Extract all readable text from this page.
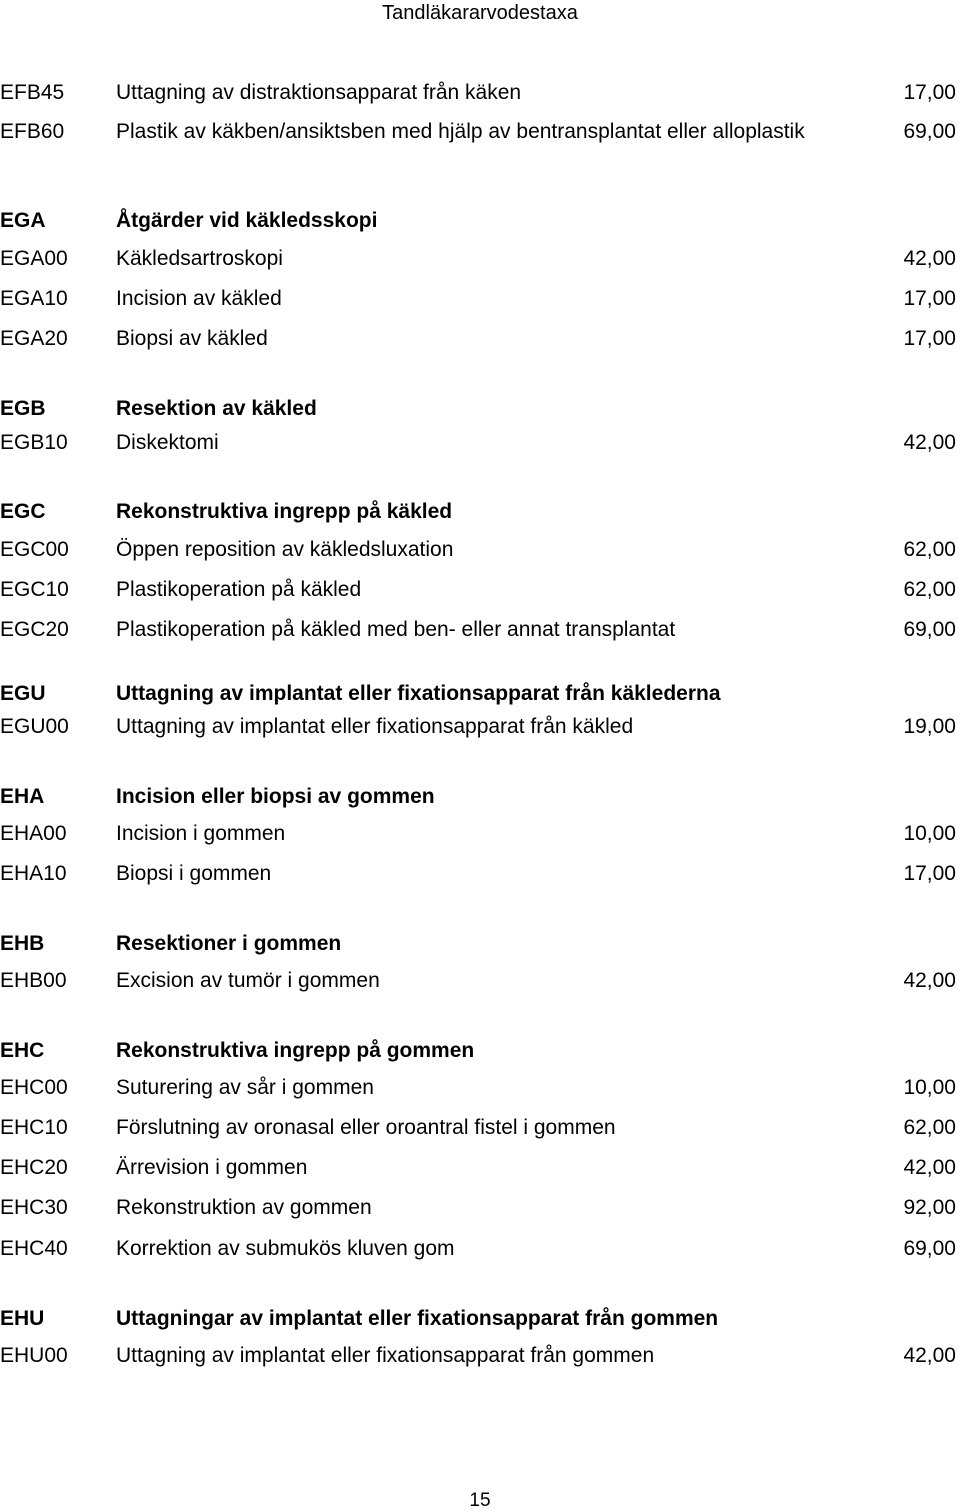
Tandläkararvodestaxa
EFB45 Uttagning av distraktionsapparat från käken	17,00
EFB60 Plastik av käkben/ansiktsben med hjälp av bentransplantat eller alloplastik	69,00
EGA	Åtgärder vid käkledsskopi
EGA00 Käkledsartroskopi	42,00
EGA10 Incision av käkled	17,00
EGA20 Biopsi av käkled	17,00
EGB	Resektion av käkled
EGB10 Diskektomi	42,00
EGC	Rekonstruktiva ingrepp på käkled
EGC00 Öppen reposition av käkledsluxation	62,00
EGC10 Plastikoperation på käkled	62,00
EGC20 Plastikoperation på käkled med ben- eller annat transplantat	69,00
EGU	Uttagning av implantat eller fixationsapparat från käklederna
EGU00 Uttagning av implantat eller fixationsapparat från käkled	19,00
EHA	Incision eller biopsi av gommen
EHA00 Incision i gommen	10,00
EHA10 Biopsi i gommen	17,00
EHB	Resektioner i gommen
EHB00 Excision av tumör i gommen	42,00
EHC	Rekonstruktiva ingrepp på gommen
EHC00 Suturering av sår i gommen	10,00
EHC10 Förslutning av oronasal eller oroantral fistel i gommen	62,00
EHC20 Ärrevision i gommen	42,00
EHC30 Rekonstruktion av gommen	92,00
EHC40 Korrektion av submukös kluven gom	69,00
EHU	Uttagningar av implantat eller fixationsapparat från gommen
EHU00 Uttagning av implantat eller fixationsapparat från gommen	42,00
15
